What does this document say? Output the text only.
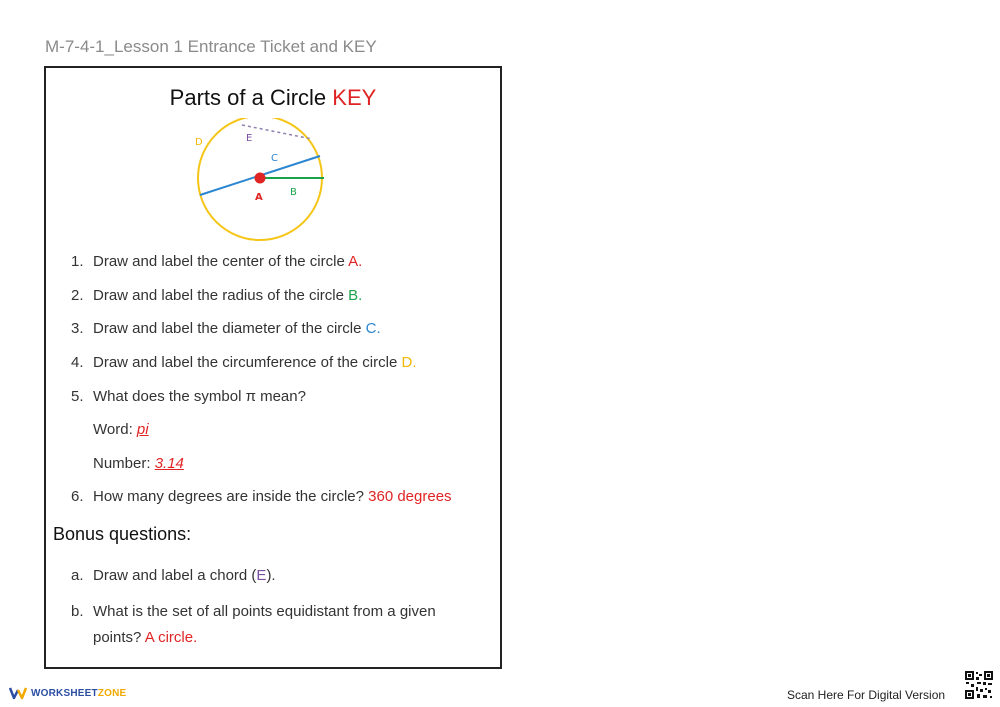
M-7-4-1_Lesson 1 Entrance Ticket and KEY
Parts of a Circle KEY
D	E
C
A	B
1. Draw and label the center of the circle A.
2. Draw and label the radius of the circle B.
3. Draw and label the diameter of the circle C.
4. Draw and label the circumference of the circle D.
5. What does the symbol π mean?
Word: pi
Number: 3.14
6. How many degrees are inside the circle? 360 degrees
Bonus questions:
a. Draw and label a chord (E).
b. What is the set of all points equidistant from a given
points? A circle.
WORKSHEETZONE	Scan Here For Digital Version
